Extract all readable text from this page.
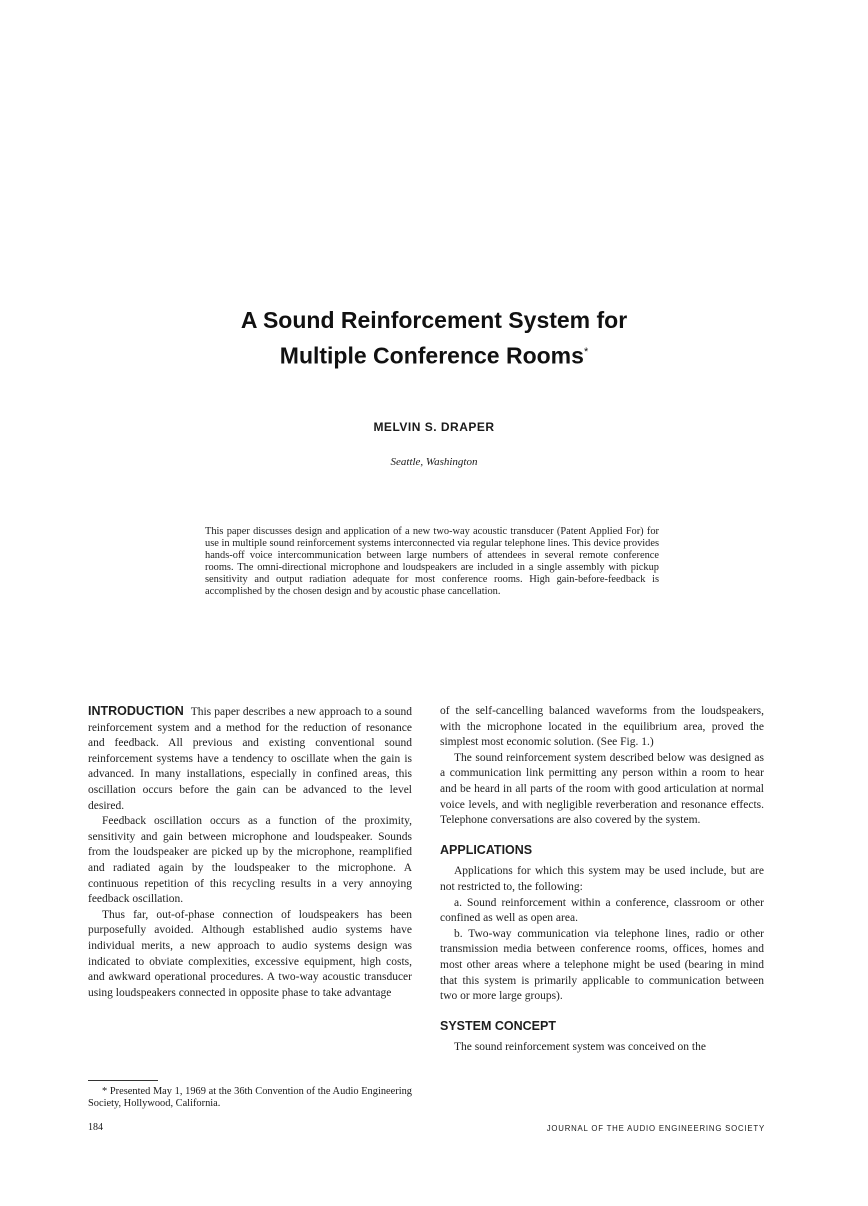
A Sound Reinforcement System for
Multiple Conference Rooms*
MELVIN S. DRAPER
Seattle, Washington
This paper discusses design and application of a new two-way acoustic transducer (Patent Applied For) for use in multiple sound reinforcement systems interconnected via regular telephone lines. This device provides hands-off voice intercommunication between large numbers of attendees in several remote conference rooms. The omni-directional microphone and loudspeakers are included in a single assembly with pickup sensitivity and output radiation adequate for most conference rooms. High gain-before-feedback is accomplished by the chosen design and by acoustic phase cancellation.

INTRODUCTION This paper describes a new approach to a sound reinforcement system and a method for the reduction of resonance and feedback. All previous and existing conventional sound reinforcement systems have a tendency to oscillate when the gain is advanced. In many installations, especially in confined areas, this oscillation occurs before the gain can be advanced to the level desired.

Feedback oscillation occurs as a function of the proximity, sensitivity and gain between microphone and loudspeaker. Sounds from the loudspeaker are picked up by the microphone, reamplified and radiated again by the loudspeaker to the microphone. A continuous repetition of this recycling results in a very annoying feedback oscillation.

Thus far, out-of-phase connection of loudspeakers has been purposefully avoided. Although established audio systems have individual merits, a new approach to audio systems design was indicated to obviate complexities, excessive equipment, high costs, and awkward operational procedures. A two-way acoustic transducer using loudspeakers connected in opposite phase to take advantage

of the self-cancelling balanced waveforms from the loudspeakers, with the microphone located in the equilibrium area, proved the simplest most economic solution. (See Fig. 1.)

The sound reinforcement system described below was designed as a communication link permitting any person within a room to hear and be heard in all parts of the room with good articulation at normal voice levels, and with negligible reverberation and resonance effects. Telephone conversations are also covered by the system.

APPLICATIONS

Applications for which this system may be used include, but are not restricted to, the following:

a. Sound reinforcement within a conference, classroom or other confined as well as open area.

b. Two-way communication via telephone lines, radio or other transmission media between conference rooms, offices, homes and most other areas where a telephone might be used (bearing in mind that this system is primarily applicable to communication between two or more large groups).

SYSTEM CONCEPT

The sound reinforcement system was conceived on the

* Presented May 1, 1969 at the 36th Convention of the Audio Engineering Society, Hollywood, California.
184	JOURNAL OF THE AUDIO ENGINEERING SOCIETY
